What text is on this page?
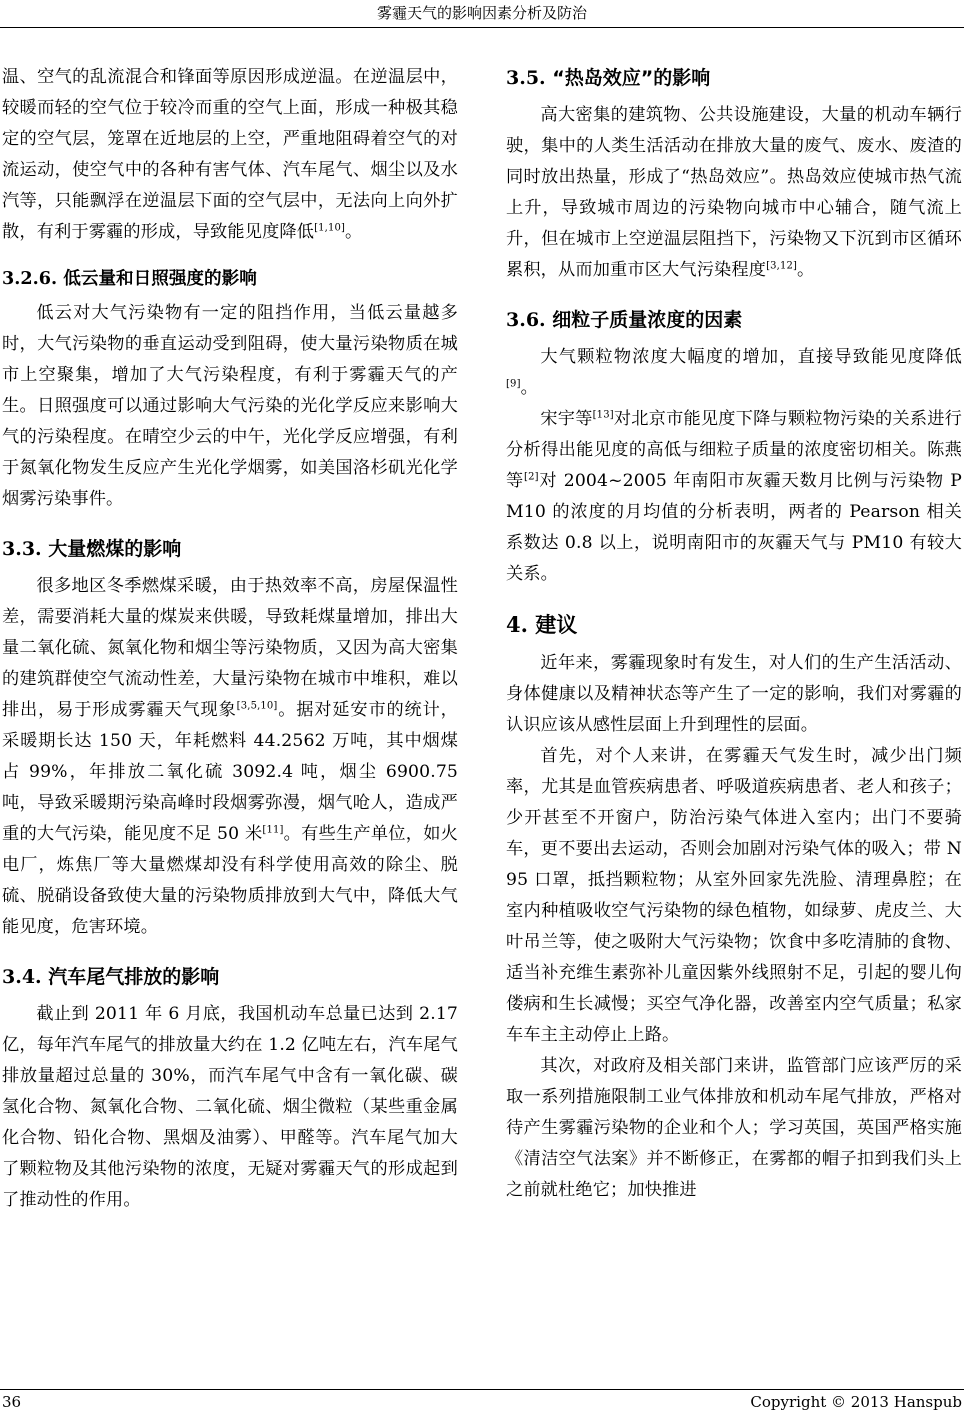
雾霾天气的影响因素分析及防治

温、空气的乱流混合和锋面等原因形成逆温。在逆温层中，较暖而轻的空气位于较冷而重的空气上面，形成一种极其稳定的空气层，笼罩在近地层的上空，严重地阻碍着空气的对流运动，使空气中的各种有害气体、汽车尾气、烟尘以及水汽等，只能飘浮在逆温层下面的空气层中，无法向上向外扩散，有利于雾霾的形成，导致能见度降低[1,10]。

3.2.6. 低云量和日照强度的影响

低云对大气污染物有一定的阻挡作用，当低云量越多时，大气污染物的垂直运动受到阻碍，使大量污染物质在城市上空聚集，增加了大气污染程度，有利于雾霾天气的产生。日照强度可以通过影响大气污染的光化学反应来影响大气的污染程度。在晴空少云的中午，光化学反应增强，有利于氮氧化物发生反应产生光化学烟雾，如美国洛杉矶光化学烟雾污染事件。

3.3. 大量燃煤的影响

很多地区冬季燃煤采暖，由于热效率不高，房屋保温性差，需要消耗大量的煤炭来供暖，导致耗煤量增加，排出大量二氧化硫、氮氧化物和烟尘等污染物质，又因为高大密集的建筑群使空气流动性差，大量污染物在城市中堆积，难以排出，易于形成雾霾天气现象[3,5,10]。据对延安市的统计，采暖期长达 150 天，年耗燃料 44.2562 万吨，其中烟煤占 99%，年排放二氧化硫 3092.4 吨，烟尘 6900.75 吨，导致采暖期污染高峰时段烟雾弥漫，烟气呛人，造成严重的大气污染，能见度不足 50 米[11]。有些生产单位，如火电厂，炼焦厂等大量燃煤却没有科学使用高效的除尘、脱硫、脱硝设备致使大量的污染物质排放到大气中，降低大气能见度，危害环境。

3.4. 汽车尾气排放的影响

截止到 2011 年 6 月底，我国机动车总量已达到 2.17 亿，每年汽车尾气的排放量大约在 1.2 亿吨左右，汽车尾气排放量超过总量的 30%，而汽车尾气中含有一氧化碳、碳氢化合物、氮氧化合物、二氧化硫、烟尘微粒（某些重金属化合物、铅化合物、黑烟及油雾）、甲醛等。汽车尾气加大了颗粒物及其他污染物的浓度，无疑对雾霾天气的形成起到了推动性的作用。

3.5. “热岛效应”的影响

高大密集的建筑物、公共设施建设，大量的机动车辆行驶，集中的人类生活活动在排放大量的废气、废水、废渣的同时放出热量，形成了“热岛效应”。热岛效应使城市热气流上升，导致城市周边的污染物向城市中心辅合，随气流上升，但在城市上空逆温层阻挡下，污染物又下沉到市区循环累积，从而加重市区大气污染程度[3,12]。

3.6. 细粒子质量浓度的因素

大气颗粒物浓度大幅度的增加，直接导致能见度降低[9]。

宋宇等[13]对北京市能见度下降与颗粒物污染的关系进行分析得出能见度的高低与细粒子质量的浓度密切相关。陈燕等[2]对 2004~2005 年南阳市灰霾天数月比例与污染物 PM10 的浓度的月均值的分析表明，两者的 Pearson 相关系数达 0.8 以上，说明南阳市的灰霾天气与 PM10 有较大关系。

4. 建议

近年来，雾霾现象时有发生，对人们的生产生活活动、身体健康以及精神状态等产生了一定的影响，我们对雾霾的认识应该从感性层面上升到理性的层面。

首先，对个人来讲，在雾霾天气发生时，减少出门频率，尤其是血管疾病患者、呼吸道疾病患者、老人和孩子；少开甚至不开窗户，防治污染气体进入室内；出门不要骑车，更不要出去运动，否则会加剧对污染气体的吸入；带 N95 口罩，抵挡颗粒物；从室外回家先洗脸、清理鼻腔；在室内种植吸收空气污染物的绿色植物，如绿萝、虎皮兰、大叶吊兰等，使之吸附大气污染物；饮食中多吃清肺的食物、适当补充维生素弥补儿童因紫外线照射不足，引起的婴儿佝偻病和生长减慢；买空气净化器，改善室内空气质量；私家车车主主动停止上路。

其次，对政府及相关部门来讲，监管部门应该严厉的采取一系列措施限制工业气体排放和机动车尾气排放，严格对待产生雾霾污染物的企业和个人；学习英国，英国严格实施《清洁空气法案》并不断修正，在雾都的帽子扣到我们头上之前就杜绝它；加快推进

36	Copyright © 2013 Hanspub
